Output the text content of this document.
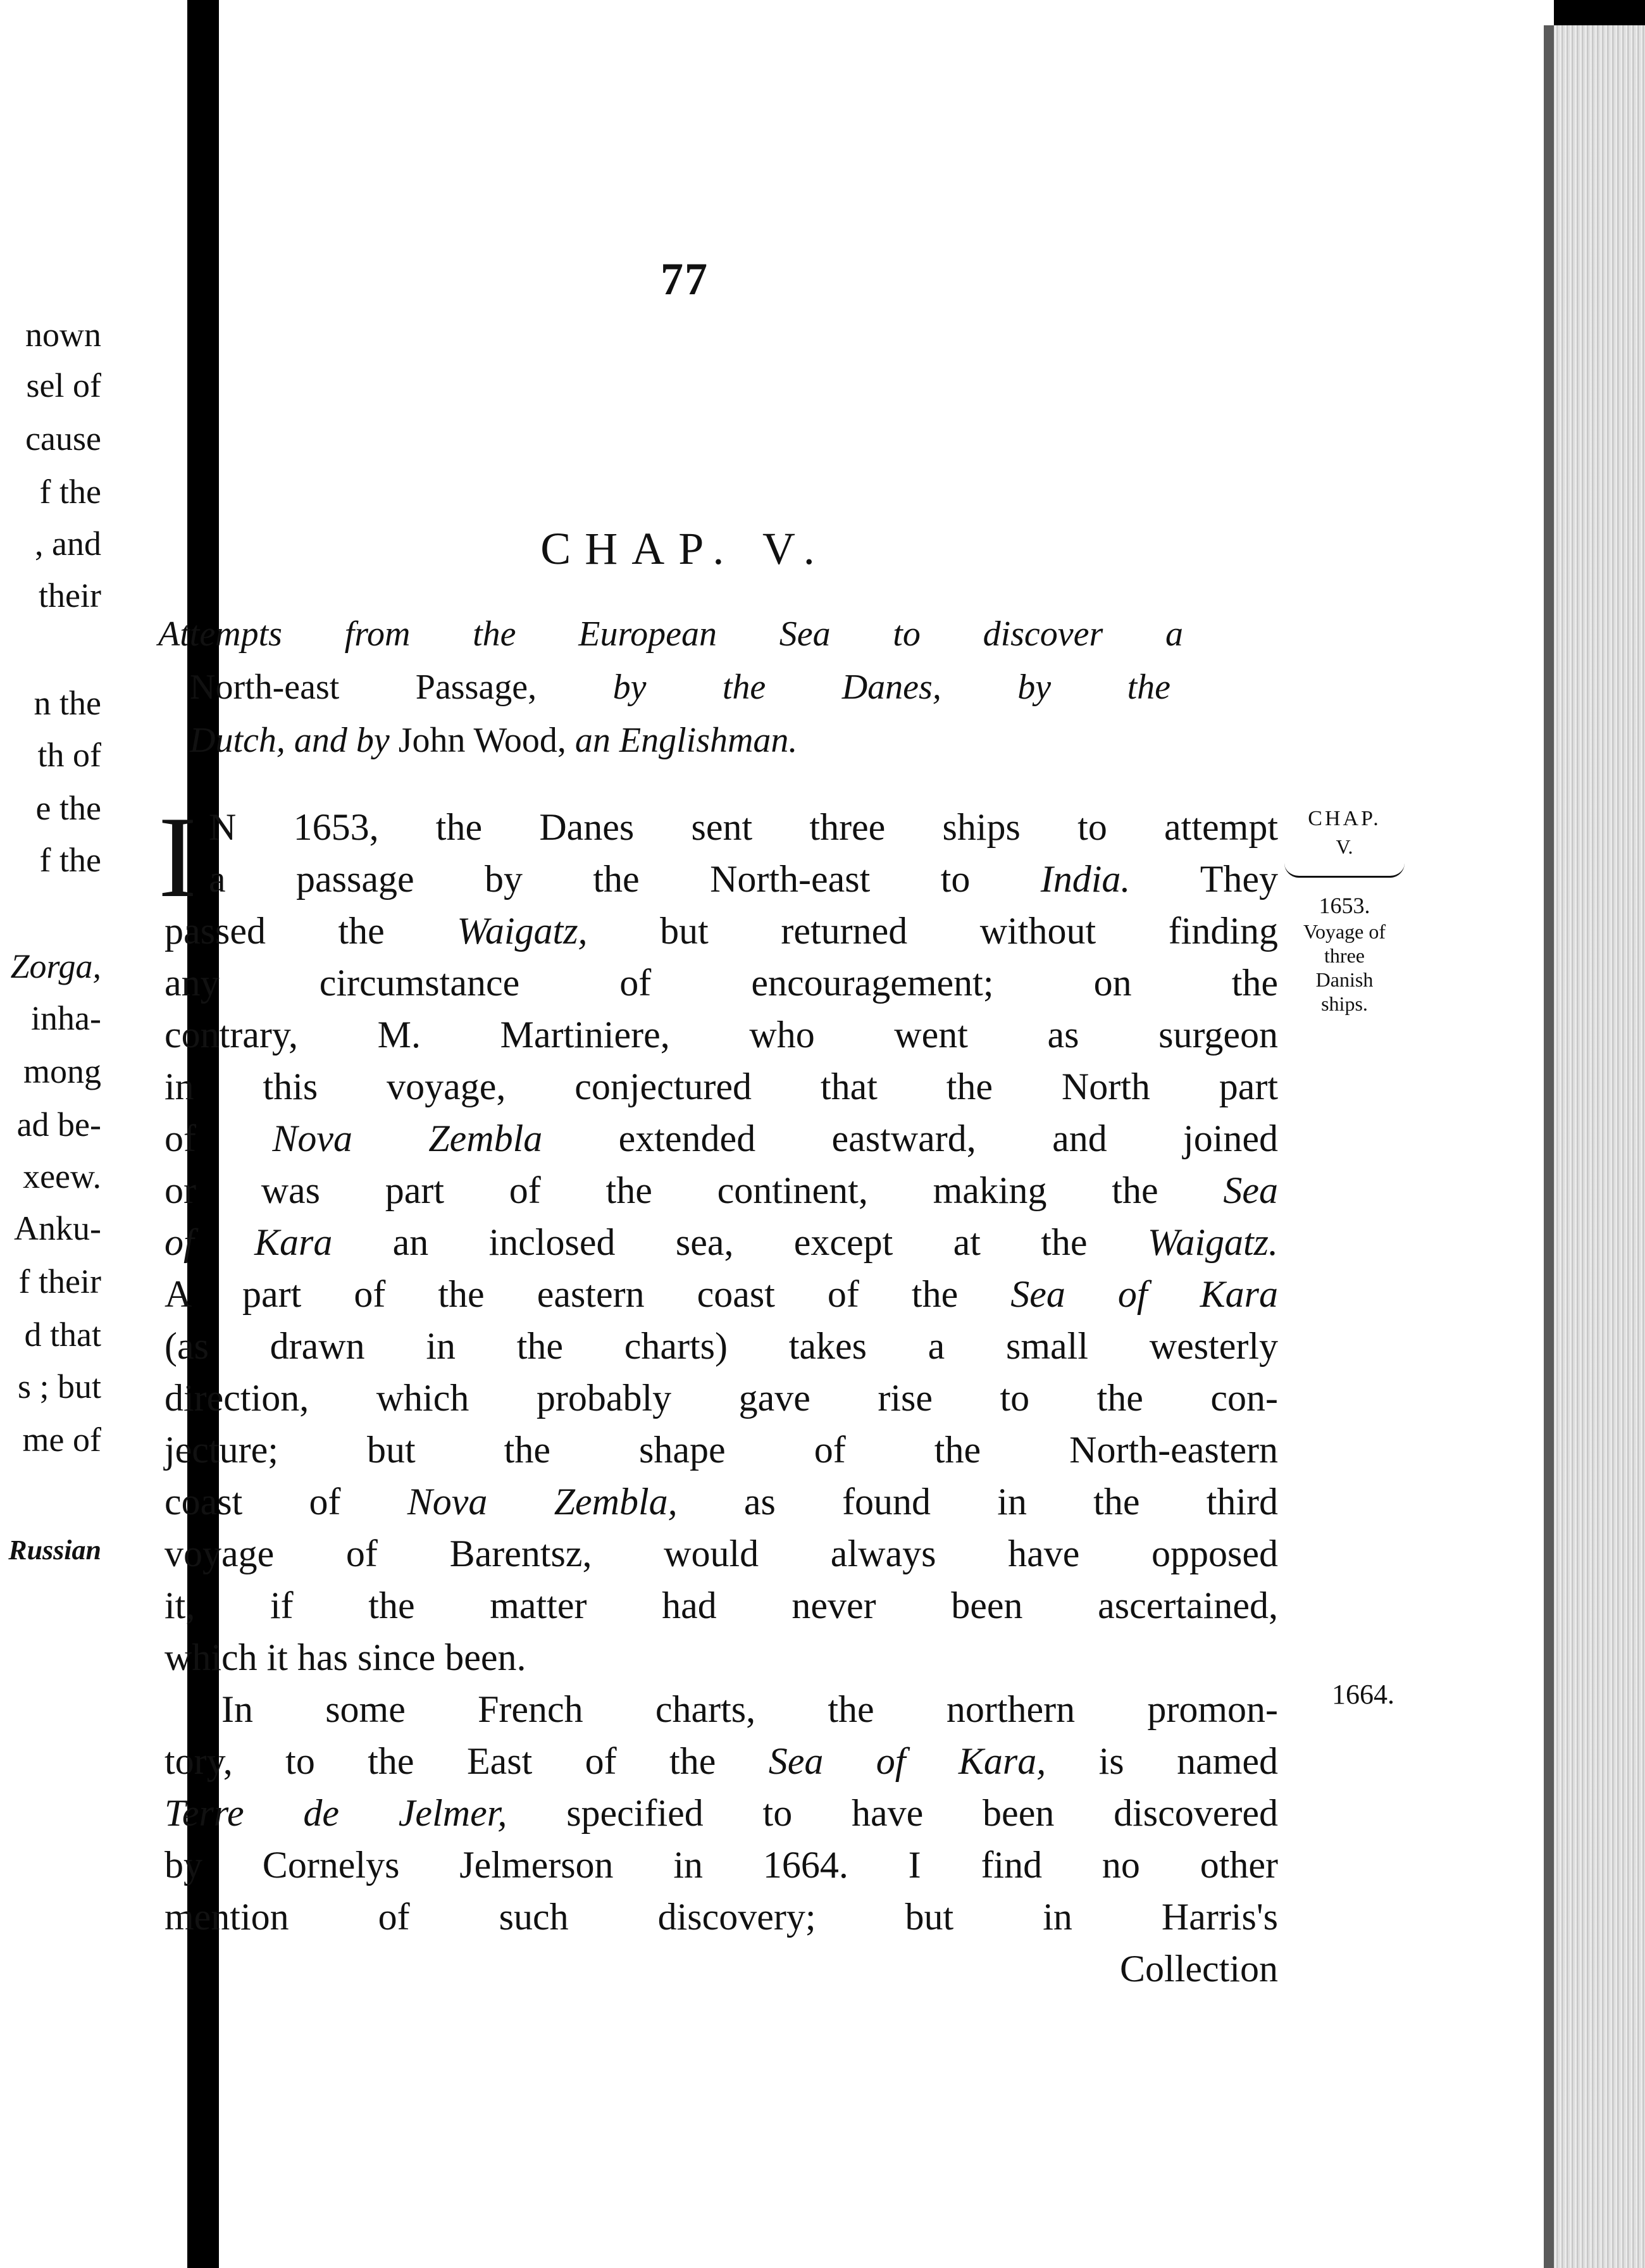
nown
sel of
cause
f the
, and
their
n the
th of
e the
f the
Zorga,
inha-
mong
ad be-
xeew.
Anku-
f their
d that
s ; but
me of
Russian
77
CHAP. V.
Attempts from the European Sea to discover a
North-east Passage, by the Danes, by the
Dutch, and by John Wood, an Englishman.
I N 1653, the Danes sent three ships to attempt
a passage by the North-east to India. They
passed the Waigatz, but returned without finding
any circumstance of encouragement; on the
contrary, M. Martiniere, who went as surgeon
in this voyage, conjectured that the North part
of Nova Zembla extended eastward, and joined
or was part of the continent, making the Sea
of Kara an inclosed sea, except at the Waigatz.
A part of the eastern coast of the Sea of Kara
(as drawn in the charts) takes a small westerly
direction, which probably gave rise to the con-
jecture; but the shape of the North-eastern
coast of Nova Zembla, as found in the third
voyage of Barentsz, would always have opposed
it, if the matter had never been ascertained,
which it has since been.
In some French charts, the northern promon-
tory, to the East of the Sea of Kara, is named
Terre de Jelmer, specified to have been discovered
by Cornelys Jelmerson in 1664. I find no other
mention of such discovery; but in Harris's
Collection
CHAP.
V.
1653.
Voyage of
three
Danish
ships.
1664.
